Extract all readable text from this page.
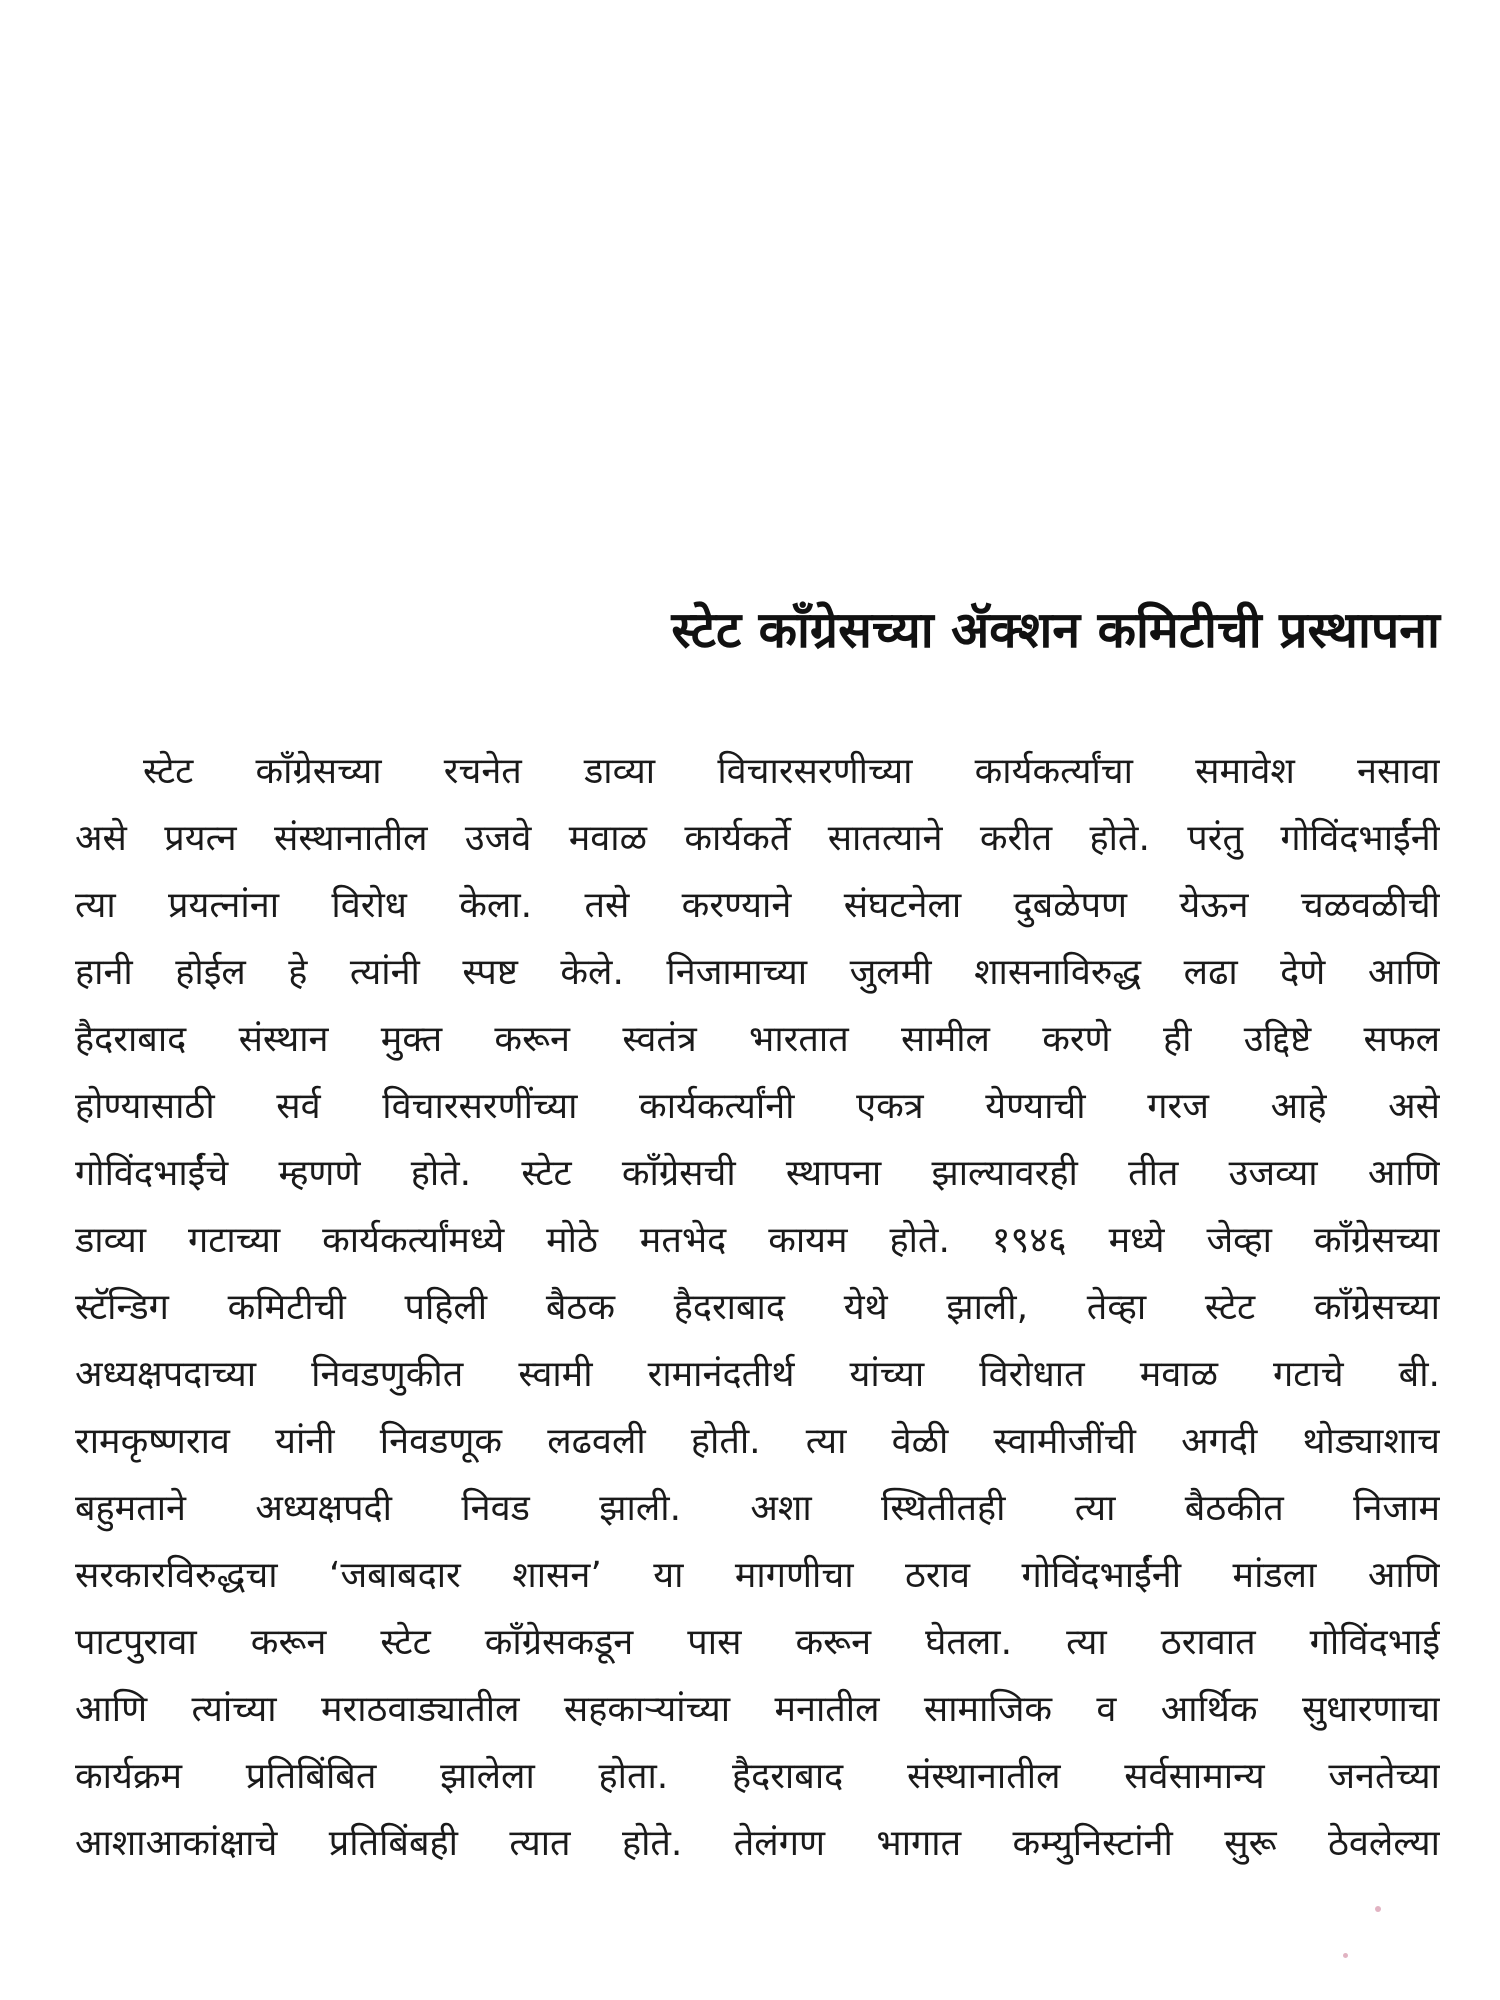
स्टेट कॉंग्रेसच्या ॲक्शन कमिटीची प्रस्थापना
स्टेट कॉंग्रेसच्या रचनेत डाव्या विचारसरणीच्या कार्यकर्त्यांचा समावेश नसावा
असे प्रयत्न संस्थानातील उजवे मवाळ कार्यकर्ते सातत्याने करीत होते. परंतु गोविंदभाईंनी
त्या प्रयत्नांना विरोध केला. तसे करण्याने संघटनेला दुबळेपण येऊन चळवळीची
हानी होईल हे त्यांनी स्पष्ट केले. निजामाच्या जुलमी शासनाविरुद्ध लढा देणे आणि
हैदराबाद संस्थान मुक्त करून स्वतंत्र भारतात सामील करणे ही उद्दिष्टे सफल
होण्यासाठी सर्व विचारसरणींच्या कार्यकर्त्यांनी एकत्र येण्याची गरज आहे असे
गोविंदभाईंचे म्हणणे होते. स्टेट कॉंग्रेसची स्थापना झाल्यावरही तीत उजव्या आणि
डाव्या गटाच्या कार्यकर्त्यांमध्ये मोठे मतभेद कायम होते. १९४६ मध्ये जेव्हा कॉंग्रेसच्या
स्टॅन्डिग कमिटीची पहिली बैठक हैदराबाद येथे झाली, तेव्हा स्टेट कॉंग्रेसच्या
अध्यक्षपदाच्या निवडणुकीत स्वामी रामानंदतीर्थ यांच्या विरोधात मवाळ गटाचे बी.
रामकृष्णराव यांनी निवडणूक लढवली होती. त्या वेळी स्वामीजींची अगदी थोड्याशाच
बहुमताने अध्यक्षपदी निवड झाली. अशा स्थितीतही त्या बैठकीत निजाम
सरकारविरुद्धचा ‘जबाबदार शासन’ या मागणीचा ठराव गोविंदभाईंनी मांडला आणि
पाटपुरावा करून स्टेट कॉंग्रेसकडून पास करून घेतला. त्या ठरावात गोविंदभाई
आणि त्यांच्या मराठवाड्यातील सहकाऱ्यांच्या मनातील सामाजिक व आर्थिक सुधारणाचा
कार्यक्रम प्रतिबिंबित झालेला होता. हैदराबाद संस्थानातील सर्वसामान्य जनतेच्या
आशाआकांक्षाचे प्रतिबिंबही त्यात होते. तेलंगण भागात कम्युनिस्टांनी सुरू ठेवलेल्या
